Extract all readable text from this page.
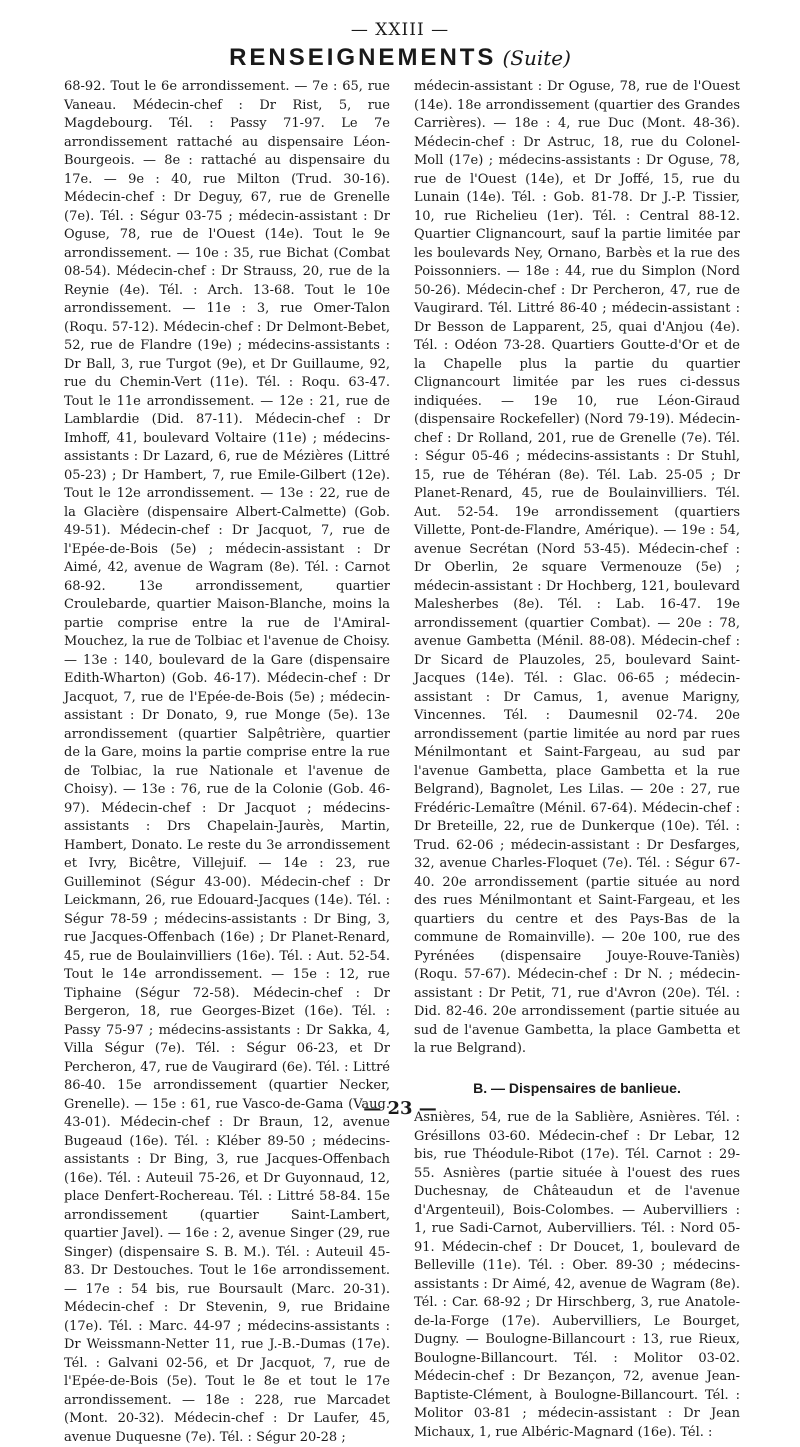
— XXIII —
RENSEIGNEMENTS (Suite)

68-92. Tout le 6e arrondissement. — 7e : 65, rue Vaneau. Médecin-chef : Dr Rist, 5, rue Magdebourg. Tél. : Passy 71-97. Le 7e arrondissement rattaché au dispensaire Léon-Bourgeois. — 8e : rattaché au dispensaire du 17e. — 9e : 40, rue Milton (Trud. 30-16). Médecin-chef : Dr Deguy, 67, rue de Grenelle (7e). Tél. : Ségur 03-75 ; médecin-assistant : Dr Oguse, 78, rue de l'Ouest (14e). Tout le 9e arrondissement. — 10e : 35, rue Bichat (Combat 08-54). Médecin-chef : Dr Strauss, 20, rue de la Reynie (4e). Tél. : Arch. 13-68. Tout le 10e arrondissement. — 11e : 3, rue Omer-Talon (Roqu. 57-12). Médecin-chef : Dr Delmont-Bebet, 52, rue de Flandre (19e) ; médecins-assistants : Dr Ball, 3, rue Turgot (9e), et Dr Guillaume, 92, rue du Chemin-Vert (11e). Tél. : Roqu. 63-47. Tout le 11e arrondissement. — 12e : 21, rue de Lamblardie (Did. 87-11). Médecin-chef : Dr Imhoff, 41, boulevard Voltaire (11e) ; médecins-assistants : Dr Lazard, 6, rue de Mézières (Littré 05-23) ; Dr Hambert, 7, rue Emile-Gilbert (12e). Tout le 12e arrondissement. — 13e : 22, rue de la Glacière (dispensaire Albert-Calmette) (Gob. 49-51). Médecin-chef : Dr Jacquot, 7, rue de l'Epée-de-Bois (5e) ; médecin-assistant : Dr Aimé, 42, avenue de Wagram (8e). Tél. : Carnot 68-92. 13e arrondissement, quartier Croulebarde, quartier Maison-Blanche, moins la partie comprise entre la rue de l'Amiral-Mouchez, la rue de Tolbiac et l'avenue de Choisy. — 13e : 140, boulevard de la Gare (dispensaire Edith-Wharton) (Gob. 46-17). Médecin-chef : Dr Jacquot, 7, rue de l'Epée-de-Bois (5e) ; médecin-assistant : Dr Donato, 9, rue Monge (5e). 13e arrondissement (quartier Salpêtrière, quartier de la Gare, moins la partie comprise entre la rue de Tolbiac, la rue Nationale et l'avenue de Choisy). — 13e : 76, rue de la Colonie (Gob. 46-97). Médecin-chef : Dr Jacquot ; médecins-assistants : Drs Chapelain-Jaurès, Martin, Hambert, Donato. Le reste du 3e arrondissement et Ivry, Bicêtre, Villejuif. — 14e : 23, rue Guilleminot (Ségur 43-00). Médecin-chef : Dr Leickmann, 26, rue Edouard-Jacques (14e). Tél. : Ségur 78-59 ; médecins-assistants : Dr Bing, 3, rue Jacques-Offenbach (16e) ; Dr Planet-Renard, 45, rue de Boulainvilliers (16e). Tél. : Aut. 52-54. Tout le 14e arrondissement. — 15e : 12, rue Tiphaine (Ségur 72-58). Médecin-chef : Dr Bergeron, 18, rue Georges-Bizet (16e). Tél. : Passy 75-97 ; médecins-assistants : Dr Sakka, 4, Villa Ségur (7e). Tél. : Ségur 06-23, et Dr Percheron, 47, rue de Vaugirard (6e). Tél. : Littré 86-40. 15e arrondissement (quartier Necker, Grenelle). — 15e : 61, rue Vasco-de-Gama (Vaug. 43-01). Médecin-chef : Dr Braun, 12, avenue Bugeaud (16e). Tél. : Kléber 89-50 ; médecins-assistants : Dr Bing, 3, rue Jacques-Offenbach (16e). Tél. : Auteuil 75-26, et Dr Guyonnaud, 12, place Denfert-Rochereau. Tél. : Littré 58-84. 15e arrondissement (quartier Saint-Lambert, quartier Javel). — 16e : 2, avenue Singer (29, rue Singer) (dispensaire S. B. M.). Tél. : Auteuil 45-83. Dr Destouches. Tout le 16e arrondissement. — 17e : 54 bis, rue Boursault (Marc. 20-31). Médecin-chef : Dr Stevenin, 9, rue Bridaine (17e). Tél. : Marc. 44-97 ; médecins-assistants : Dr Weissmann-Netter 11, rue J.-B.-Dumas (17e). Tél. : Galvani 02-56, et Dr Jacquot, 7, rue de l'Epée-de-Bois (5e). Tout le 8e et tout le 17e arrondissement. — 18e : 228, rue Marcadet (Mont. 20-32). Médecin-chef : Dr Laufer, 45, avenue Duquesne (7e). Tél. : Ségur 20-28 ;

médecin-assistant : Dr Oguse, 78, rue de l'Ouest (14e). 18e arrondissement (quartier des Grandes Carrières). — 18e : 4, rue Duc (Mont. 48-36). Médecin-chef : Dr Astruc, 18, rue du Colonel-Moll (17e) ; médecins-assistants : Dr Oguse, 78, rue de l'Ouest (14e), et Dr Joffé, 15, rue du Lunain (14e). Tél. : Gob. 81-78. Dr J.-P. Tissier, 10, rue Richelieu (1er). Tél. : Central 88-12. Quartier Clignancourt, sauf la partie limitée par les boulevards Ney, Ornano, Barbès et la rue des Poissonniers. — 18e : 44, rue du Simplon (Nord 50-26). Médecin-chef : Dr Percheron, 47, rue de Vaugirard. Tél. Littré 86-40 ; médecin-assistant : Dr Besson de Lapparent, 25, quai d'Anjou (4e). Tél. : Odéon 73-28. Quartiers Goutte-d'Or et de la Chapelle plus la partie du quartier Clignancourt limitée par les rues ci-dessus indiquées. — 19e 10, rue Léon-Giraud (dispensaire Rockefeller) (Nord 79-19). Médecin-chef : Dr Rolland, 201, rue de Grenelle (7e). Tél. : Ségur 05-46 ; médecins-assistants : Dr Stuhl, 15, rue de Téhéran (8e). Tél. Lab. 25-05 ; Dr Planet-Renard, 45, rue de Boulainvilliers. Tél. Aut. 52-54. 19e arrondissement (quartiers Villette, Pont-de-Flandre, Amérique). — 19e : 54, avenue Secrétan (Nord 53-45). Médecin-chef : Dr Oberlin, 2e square Vermenouze (5e) ; médecin-assistant : Dr Hochberg, 121, boulevard Malesherbes (8e). Tél. : Lab. 16-47. 19e arrondissement (quartier Combat). — 20e : 78, avenue Gambetta (Ménil. 88-08). Médecin-chef : Dr Sicard de Plauzoles, 25, boulevard Saint-Jacques (14e). Tél. : Glac. 06-65 ; médecin-assistant : Dr Camus, 1, avenue Marigny, Vincennes. Tél. : Daumesnil 02-74. 20e arrondissement (partie limitée au nord par rues Ménilmontant et Saint-Fargeau, au sud par l'avenue Gambetta, place Gambetta et la rue Belgrand), Bagnolet, Les Lilas. — 20e : 27, rue Frédéric-Lemaître (Ménil. 67-64). Médecin-chef : Dr Breteille, 22, rue de Dunkerque (10e). Tél. : Trud. 62-06 ; médecin-assistant : Dr Desfarges, 32, avenue Charles-Floquet (7e). Tél. : Ségur 67-40. 20e arrondissement (partie située au nord des rues Ménilmontant et Saint-Fargeau, et les quartiers du centre et des Pays-Bas de la commune de Romainville). — 20e 100, rue des Pyrénées (dispensaire Jouye-Rouve-Taniès) (Roqu. 57-67). Médecin-chef : Dr N. ; médecin-assistant : Dr Petit, 71, rue d'Avron (20e). Tél. : Did. 82-46. 20e arrondissement (partie située au sud de l'avenue Gambetta, la place Gambetta et la rue Belgrand).

B. — Dispensaires de banlieue.

Asnières, 54, rue de la Sablière, Asnières. Tél. : Grésillons 03-60. Médecin-chef : Dr Lebar, 12 bis, rue Théodule-Ribot (17e). Tél. Carnot : 29-55. Asnières (partie située à l'ouest des rues Duchesnay, de Châteaudun et de l'avenue d'Argenteuil), Bois-Colombes. — Aubervilliers : 1, rue Sadi-Carnot, Aubervilliers. Tél. : Nord 05-91. Médecin-chef : Dr Doucet, 1, boulevard de Belleville (11e). Tél. : Ober. 89-30 ; médecins-assistants : Dr Aimé, 42, avenue de Wagram (8e). Tél. : Car. 68-92 ; Dr Hirschberg, 3, rue Anatole-de-la-Forge (17e). Aubervilliers, Le Bourget, Dugny. — Boulogne-Billancourt : 13, rue Rieux, Boulogne-Billancourt. Tél. : Molitor 03-02. Médecin-chef : Dr Bezançon, 72, avenue Jean-Baptiste-Clément, à Boulogne-Billancourt. Tél. : Molitor 03-81 ; médecin-assistant : Dr Jean Michaux, 1, rue Albéric-Magnard (16e). Tél. :

— 23 —
